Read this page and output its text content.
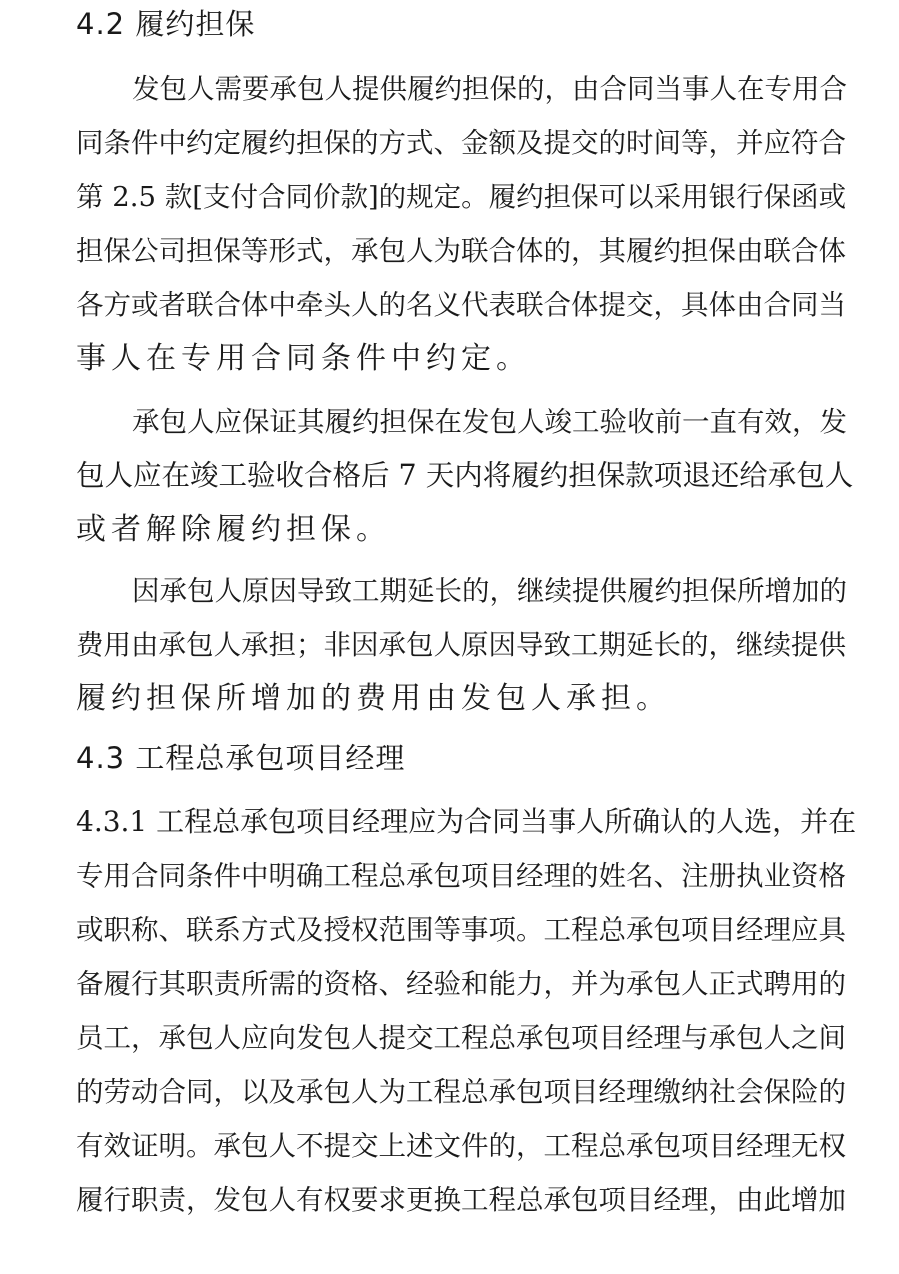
4.2 履约担保
发包人需要承包人提供履约担保的，由合同当事人在专用合
同条件中约定履约担保的方式、金额及提交的时间等，并应符合
第 2.5 款[支付合同价款]的规定。履约担保可以采用银行保函或
担保公司担保等形式，承包人为联合体的，其履约担保由联合体
各方或者联合体中牵头人的名义代表联合体提交，具体由合同当
事人在专用合同条件中约定。
承包人应保证其履约担保在发包人竣工验收前一直有效，发
包人应在竣工验收合格后 7 天内将履约担保款项退还给承包人
或者解除履约担保。
因承包人原因导致工期延长的，继续提供履约担保所增加的
费用由承包人承担；非因承包人原因导致工期延长的，继续提供
履约担保所增加的费用由发包人承担。
4.3 工程总承包项目经理
4.3.1 工程总承包项目经理应为合同当事人所确认的人选，并在
专用合同条件中明确工程总承包项目经理的姓名、注册执业资格
或职称、联系方式及授权范围等事项。工程总承包项目经理应具
备履行其职责所需的资格、经验和能力，并为承包人正式聘用的
员工，承包人应向发包人提交工程总承包项目经理与承包人之间
的劳动合同，以及承包人为工程总承包项目经理缴纳社会保险的
有效证明。承包人不提交上述文件的，工程总承包项目经理无权
履行职责，发包人有权要求更换工程总承包项目经理，由此增加
